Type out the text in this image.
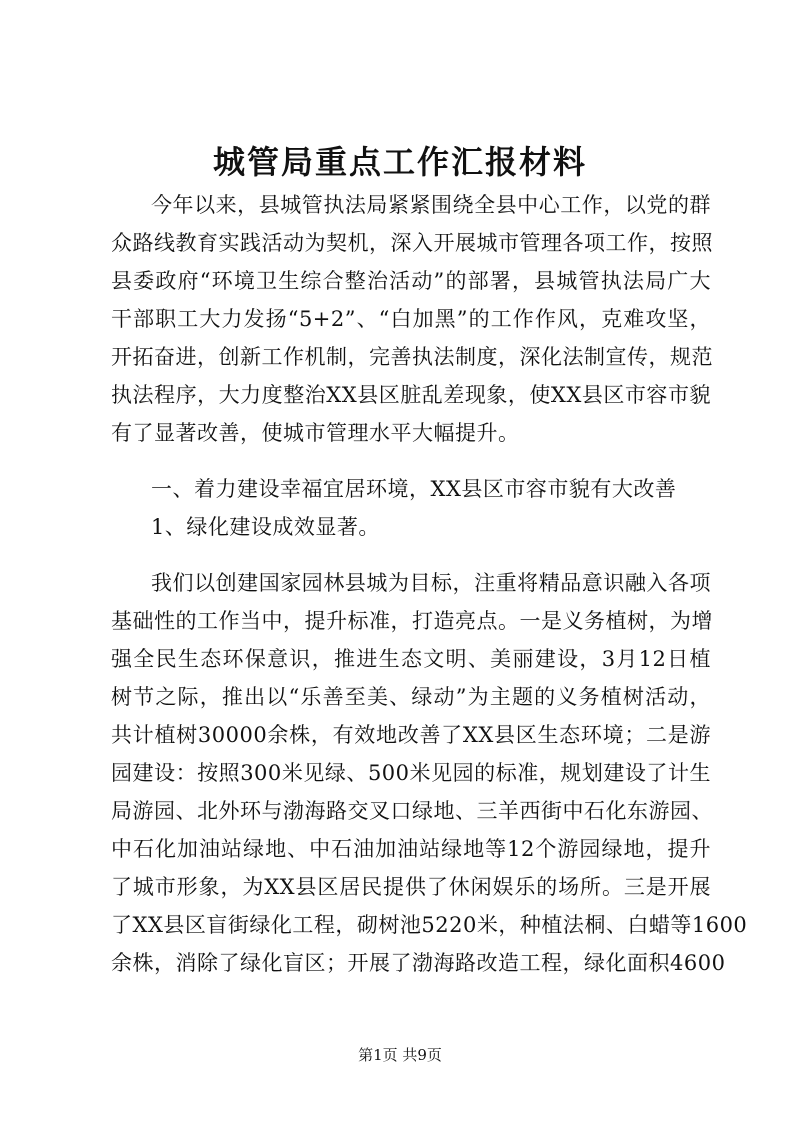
城管局重点工作汇报材料
今年以来，县城管执法局紧紧围绕全县中心工作，以党的群
众路线教育实践活动为契机，深入开展城市管理各项工作，按照
县委政府“环境卫生综合整治活动”的部署，县城管执法局广大
干部职工大力发扬“5+2”、“白加黑”的工作作风，克难攻坚，
开拓奋进，创新工作机制，完善执法制度，深化法制宣传，规范
执法程序，大力度整治XX县区脏乱差现象，使XX县区市容市貌
有了显著改善，使城市管理水平大幅提升。
一、着力建设幸福宜居环境，XX县区市容市貌有大改善
1、绿化建设成效显著。
我们以创建国家园林县城为目标，注重将精品意识融入各项
基础性的工作当中，提升标准，打造亮点。一是义务植树，为增
强全民生态环保意识，推进生态文明、美丽建设，3月12日植
树节之际，推出以“乐善至美、绿动”为主题的义务植树活动，
共计植树30000余株，有效地改善了XX县区生态环境；二是游
园建设：按照300米见绿、500米见园的标准，规划建设了计生
局游园、北外环与渤海路交叉口绿地、三羊西街中石化东游园、
中石化加油站绿地、中石油加油站绿地等12个游园绿地，提升
了城市形象，为XX县区居民提供了休闲娱乐的场所。三是开展
了XX县区盲街绿化工程，砌树池5220米，种植法桐、白蜡等1600
余株，消除了绿化盲区；开展了渤海路改造工程，绿化面积4600
第1页 共9页
